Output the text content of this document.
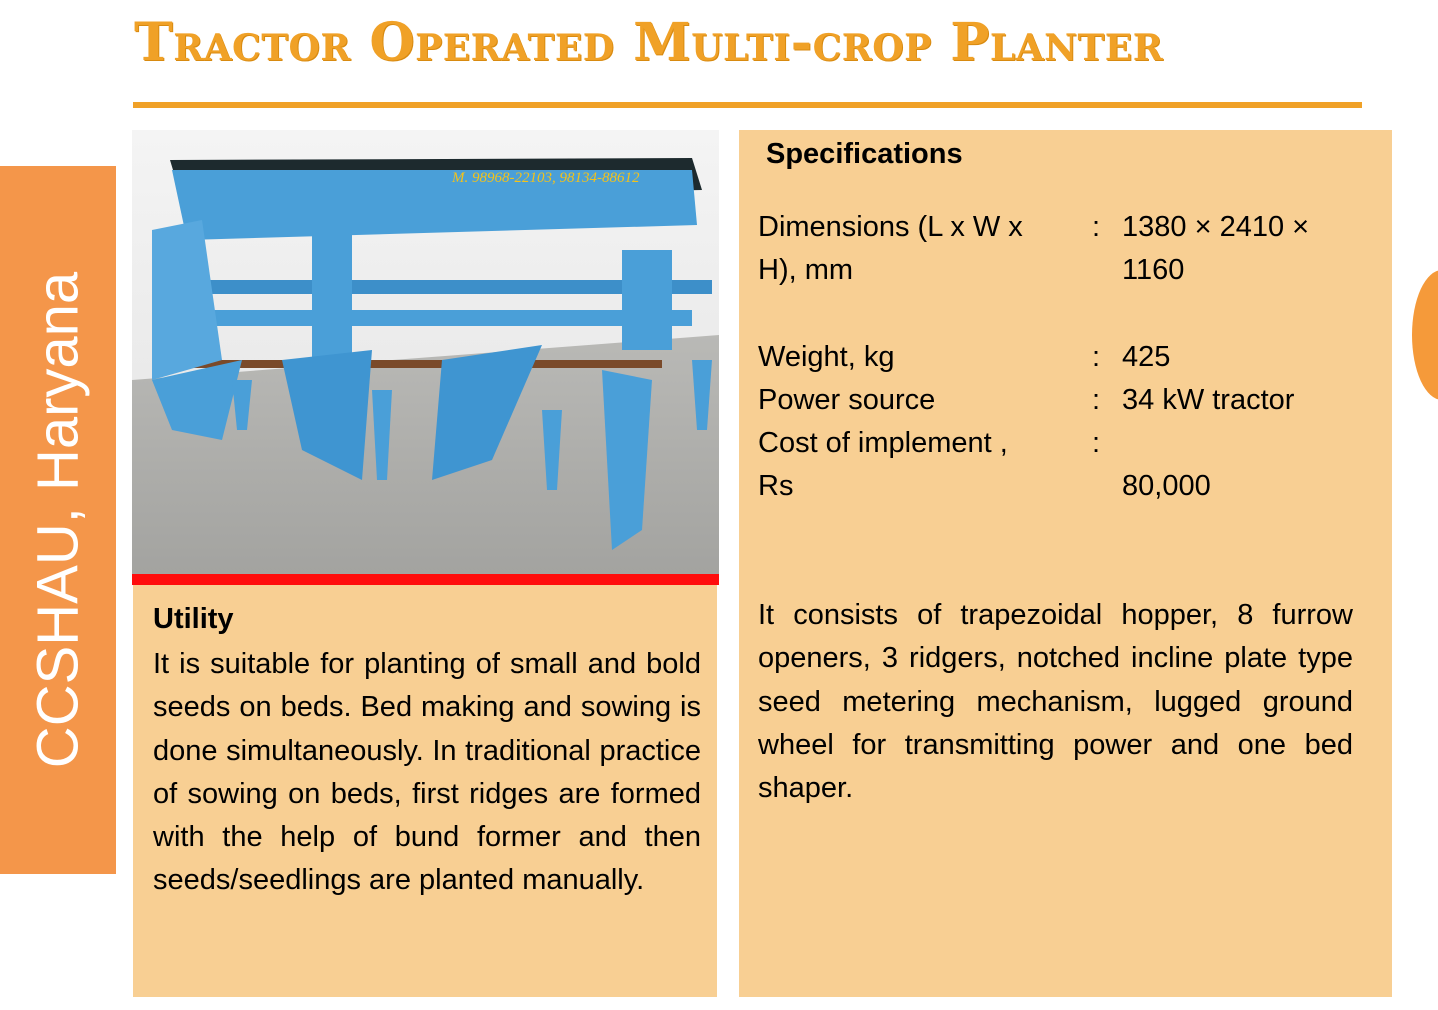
Tractor Operated Multi-crop Planter
CCSHAU, Haryana
M. 98968-22103, 98134-88612
Utility
It is suitable for planting of small and bold seeds on beds. Bed making and sowing is done simultaneously. In traditional practice of sowing on beds, first ridges are formed with the help of bund former and then seeds/seedlings are planted manually.
Specifications
Dimensions (L x W x	: 1380 × 2410 ×
H), mm	1160
Weight, kg	: 425
Power source	: 34 kW tractor
Cost of implement ,	:
Rs	80,000
It consists of trapezoidal hopper, 8 furrow openers, 3 ridgers, notched incline plate type seed metering mechanism, lugged ground wheel for transmitting power and one bed shaper.
